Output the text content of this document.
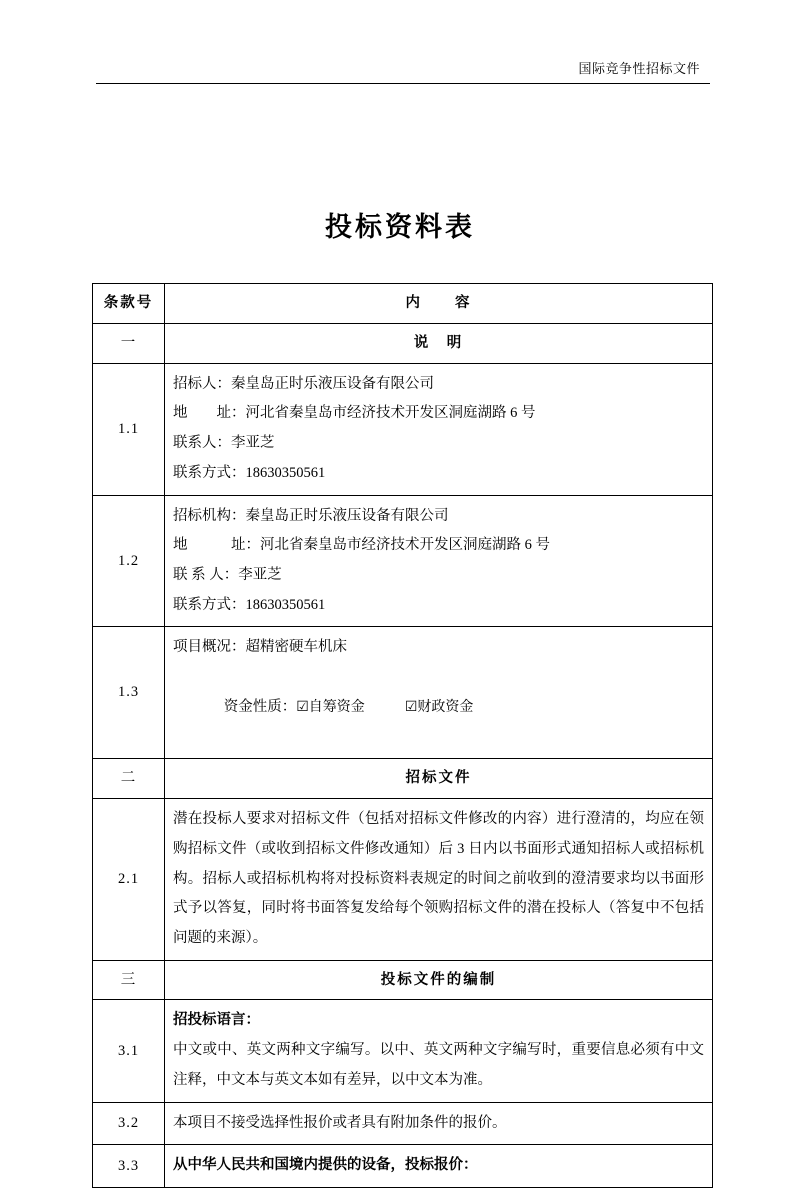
国际竞争性招标文件
投标资料表
条款号	内　　容
一	说　明
1.1	招标人：秦皇岛正时乐液压设备有限公司

地　　址：河北省秦皇岛市经济技术开发区洞庭湖路 6 号

联系人：李亚芝

联系方式：18630350561

1.2	招标机构：秦皇岛正时乐液压设备有限公司

地　　　址：河北省秦皇岛市经济技术开发区洞庭湖路 6 号

联 系 人：李亚芝

联系方式：18630350561

1.3	项目概况：超精密硬车机床

资金性质：☑自筹资金 ☑财政资金

二	招标文件
2.1	潜在投标人要求对招标文件（包括对招标文件修改的内容）进行澄清的，均应在领购招标文件（或收到招标文件修改通知）后 3 日内以书面形式通知招标人或招标机构。招标人或招标机构将对投标资料表规定的时间之前收到的澄清要求均以书面形式予以答复，同时将书面答复发给每个领购招标文件的潜在投标人（答复中不包括问题的来源）。

三	投标文件的编制
3.1	招投标语言：

中文或中、英文两种文字编写。以中、英文两种文字编写时，重要信息必须有中文注释，中文本与英文本如有差异，以中文本为准。

3.2	本项目不接受选择性报价或者具有附加条件的报价。

3.3	从中华人民共和国境内提供的设备，投标报价：
